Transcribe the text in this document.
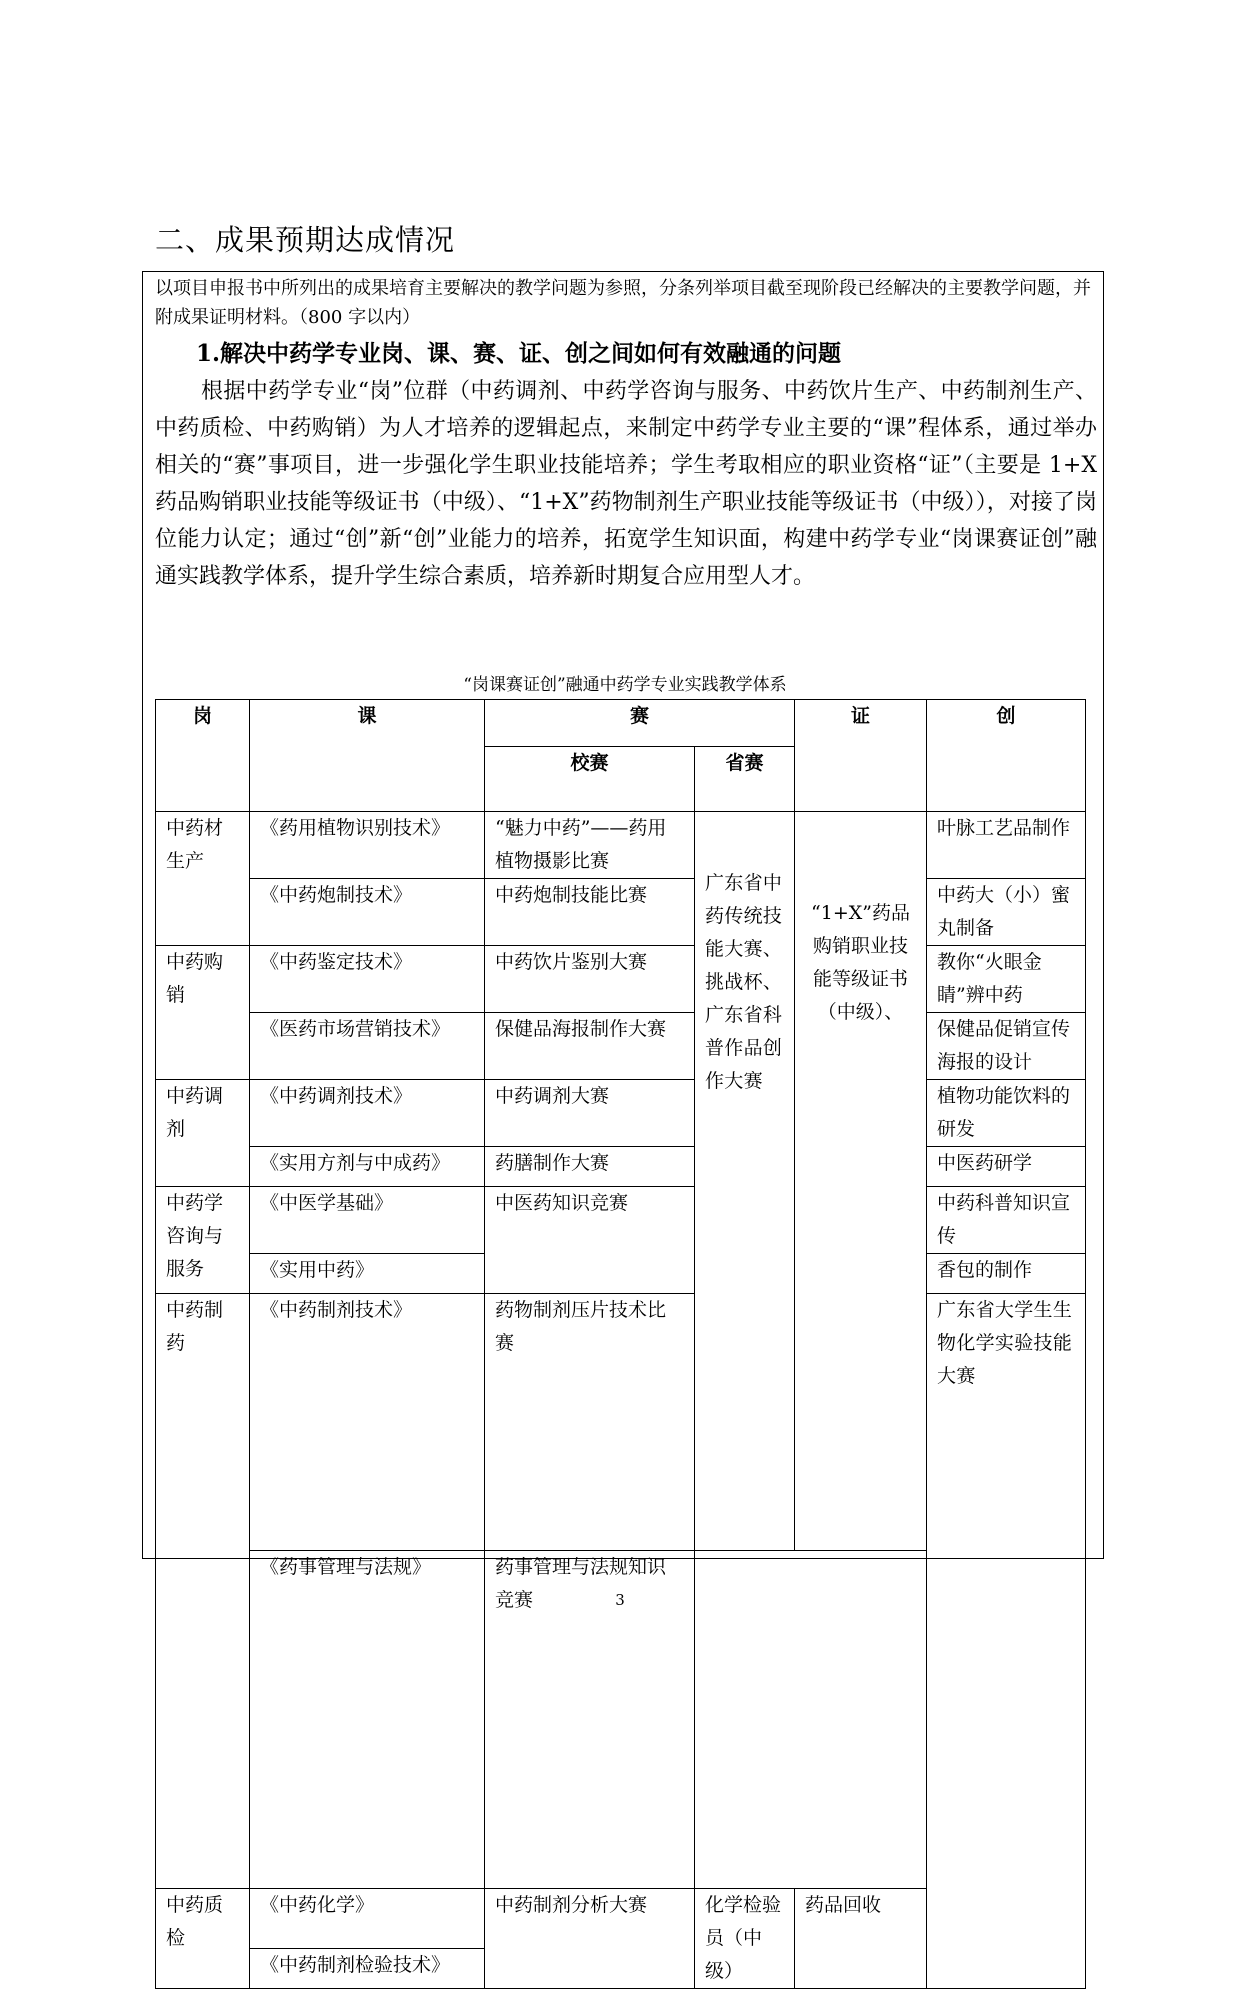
二、成果预期达成情况
以项目申报书中所列出的成果培育主要解决的教学问题为参照，分条列举项目截至现阶段已经解决的主要教学问题，并附成果证明材料。（800 字以内）
1.解决中药学专业岗、课、赛、证、创之间如何有效融通的问题
根据中药学专业“岗”位群（中药调剂、中药学咨询与服务、中药饮片生产、中药制剂生产、中药质检、中药购销）为人才培养的逻辑起点，来制定中药学专业主要的“课”程体系，通过举办相关的“赛”事项目，进一步强化学生职业技能培养；学生考取相应的职业资格“证”（主要是 1+X 药品购销职业技能等级证书（中级）、“1+X”药物制剂生产职业技能等级证书（中级）），对接了岗位能力认定；通过“创”新“创”业能力的培养，拓宽学生知识面，构建中药学专业“岗课赛证创”融通实践教学体系，提升学生综合素质，培养新时期复合应用型人才。
“岗课赛证创”融通中药学专业实践教学体系
岗	课	赛		证	创	
		校赛	省赛			
中药材生产	《药用植物识别技术》	“魅力中药”——药用植物摄影比赛	广东省中药传统技能大赛、挑战杯、广东省科普作品创作大赛	“1+X”药品购销职业技能等级证书（中级）、	叶脉工艺品制作	
	《中药炮制技术》	中药炮制技能比赛			中药大（小）蜜丸制备	
中药购销	《中药鉴定技术》	中药饮片鉴别大赛			教你“火眼金睛”辨中药	
	《医药市场营销技术》	保健品海报制作大赛			保健品促销宣传海报的设计	
中药调剂	《中药调剂技术》	中药调剂大赛			植物功能饮料的研发	
	《实用方剂与中成药》	药膳制作大赛			中医药研学	
中药学咨询与服务	《中医学基础》	中医药知识竞赛			中药科普知识宣传	
	《实用中药》				香包的制作	
中药制药	《中药制剂技术》	药物制剂压片技术比赛			广东省大学生生物化学实验技能大赛		
	《药事管理与法规》	药事管理与法规知识竞赛				
中药质检	《中药化学》	中药制剂分析大赛	化学检验员（中级）	药品回收		
	《中药制剂检验技术》					
3
